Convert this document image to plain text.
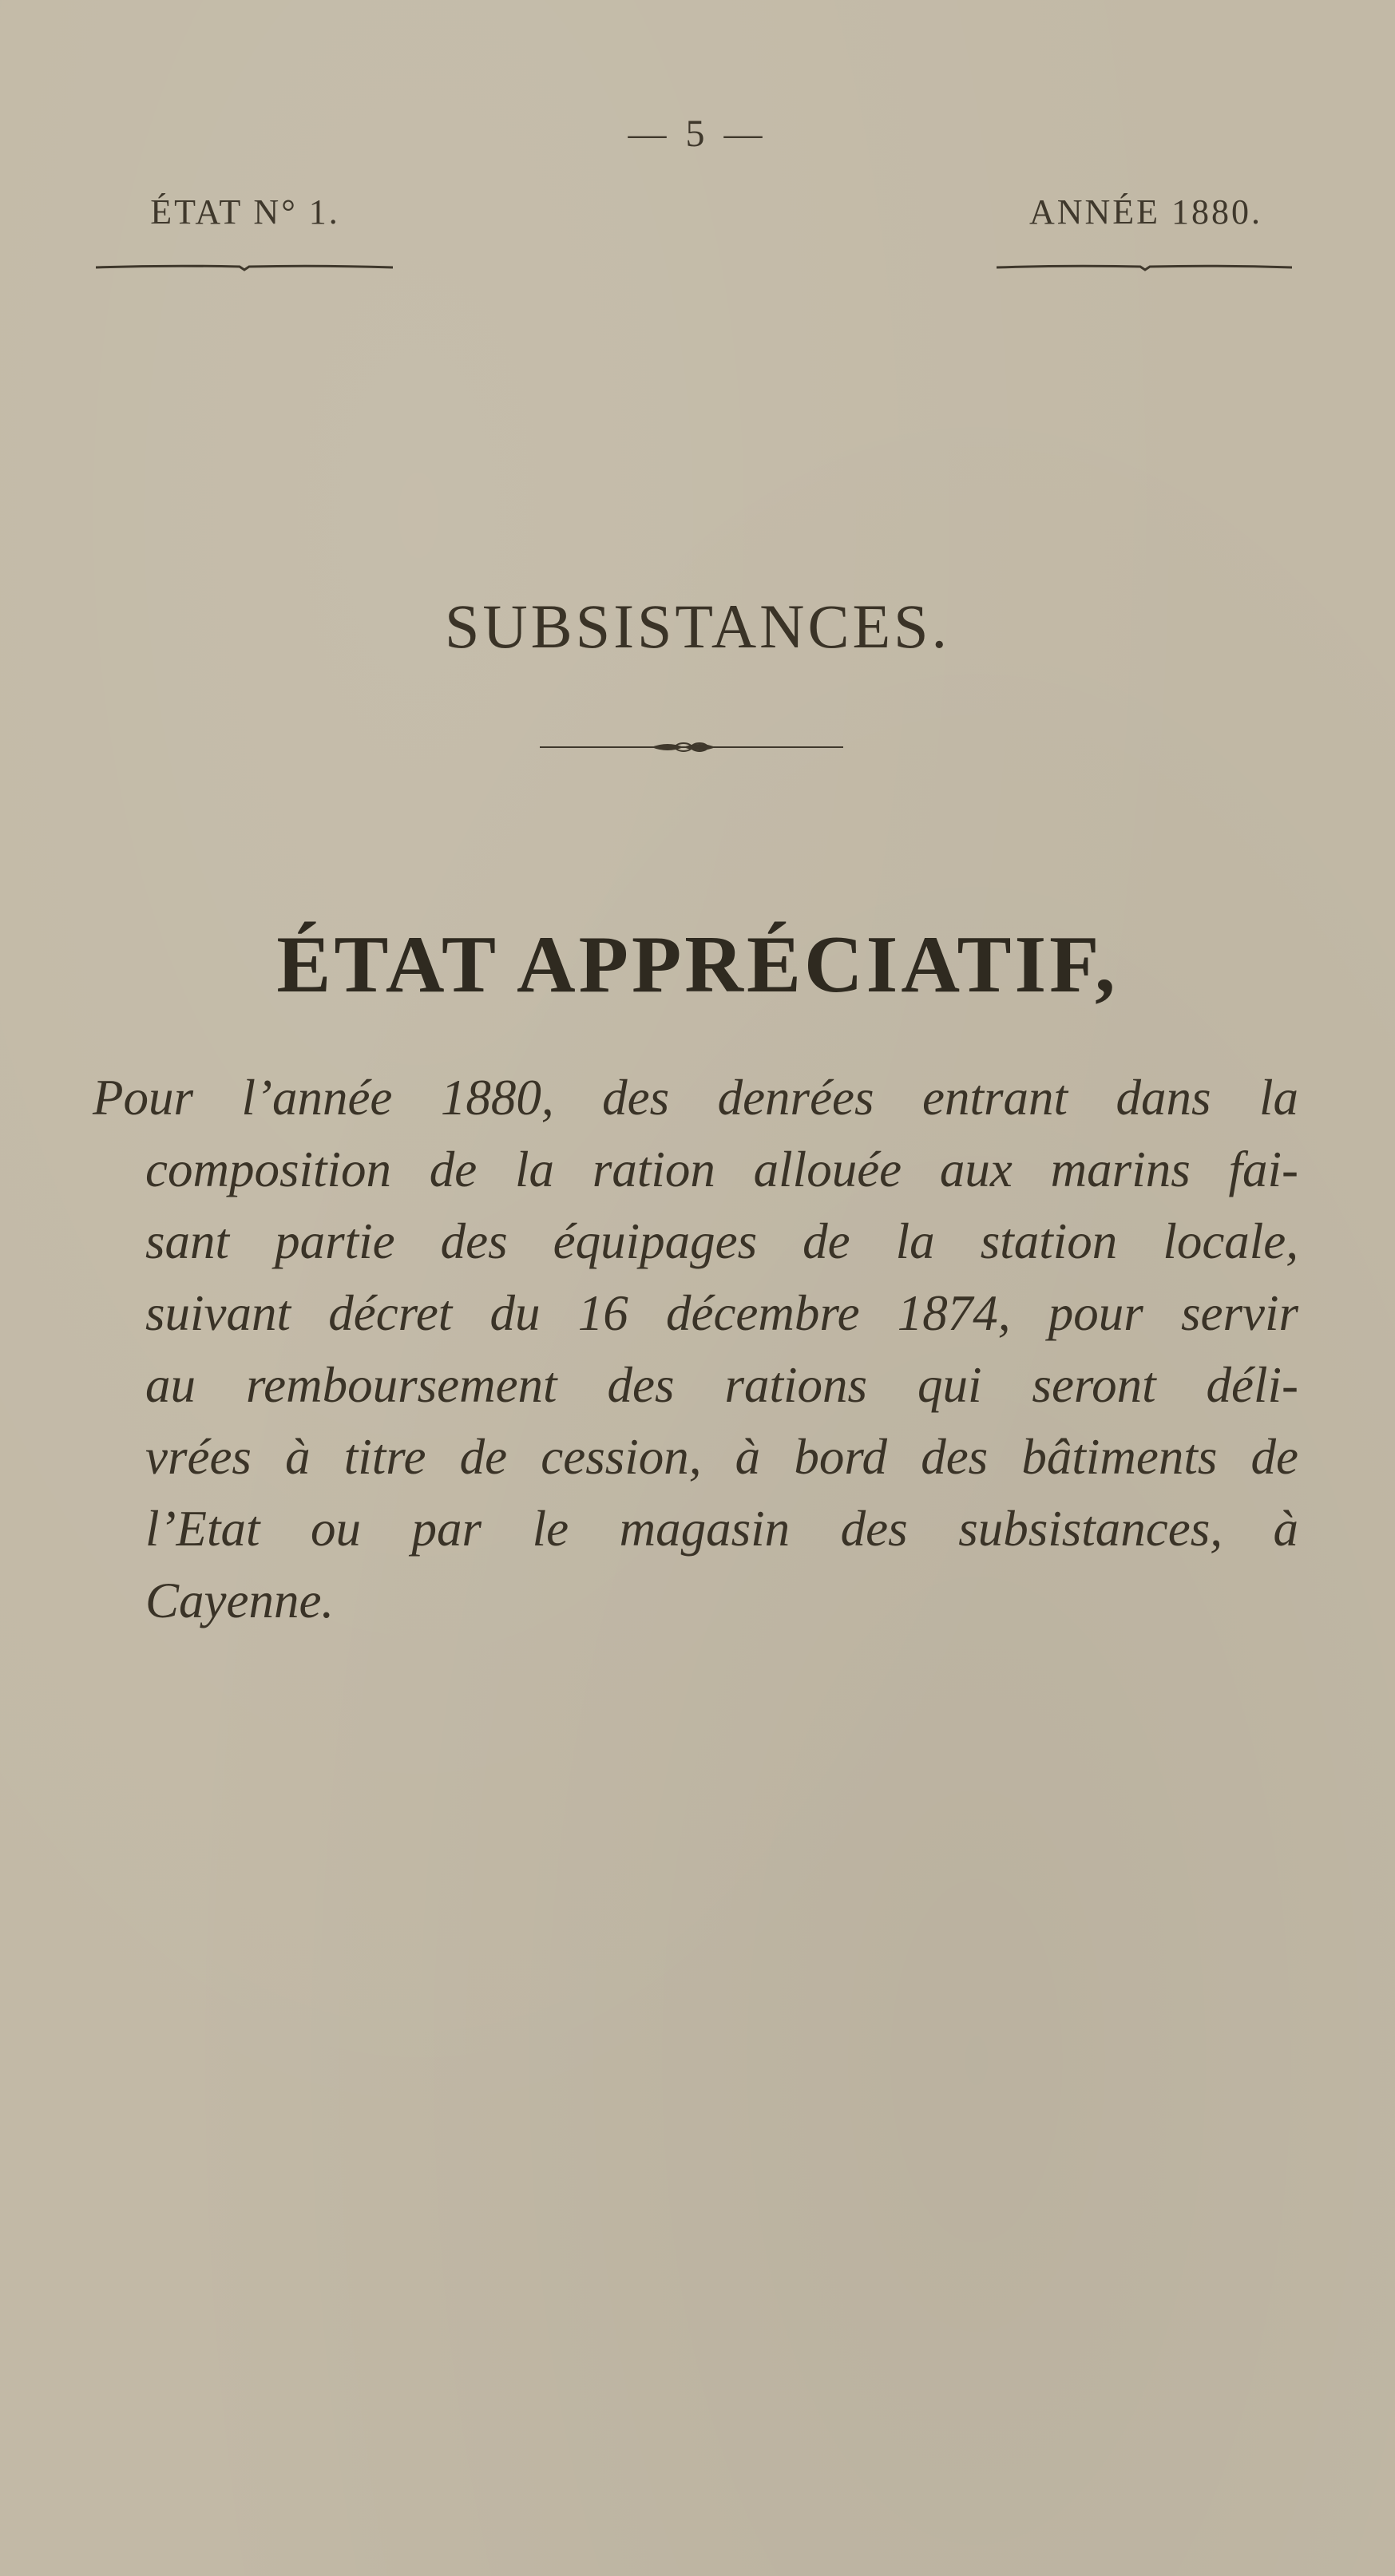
— 5 —
ÉTAT N° 1.	ANNÉE 1880.
SUBSISTANCES.
ÉTAT APPRÉCIATIF,
Pour l’année 1880, des denrées entrant dans la
composition de la ration allouée aux marins fai-
sant partie des équipages de la station locale,
suivant décret du 16 décembre 1874, pour servir
au remboursement des rations qui seront déli-
vrées à titre de cession, à bord des bâtiments de
l’Etat ou par le magasin des subsistances, à
Cayenne.
